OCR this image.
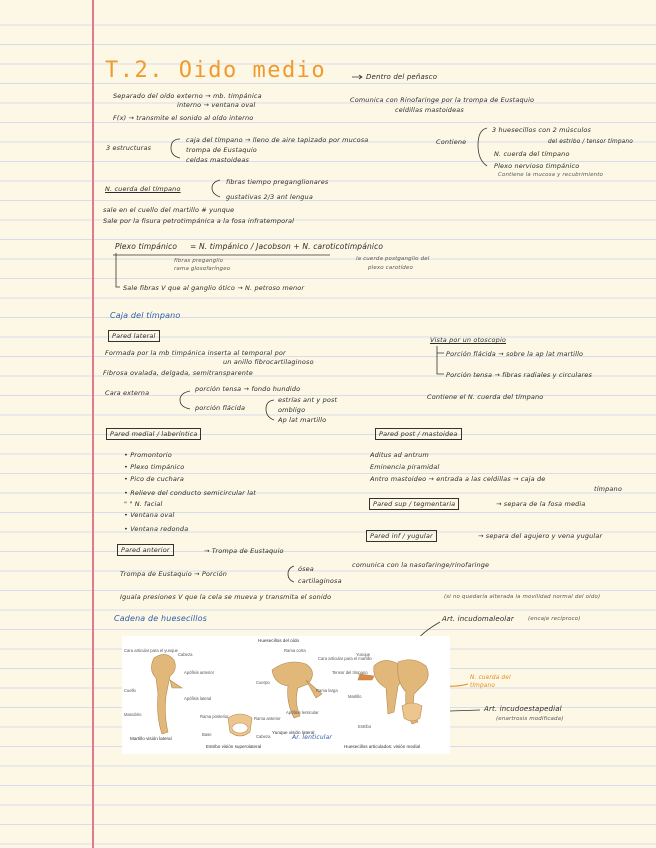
T.2. Oido medio	Dentro del peñasco
Separado del oído externo → mb. timpánica
interno → ventana oval
Comunica con Rinofaringe por la trompa de Eustaquio
celdillas mastoideas
F(x) → transmite el sonido al oído interno
3 estructuras
caja del tímpano → lleno de aire tapizado por mucosa
trompa de Eustaquio
celdas mastoideas
Contiene
3 huesecillos con 2 músculos
del estribo / tensor tímpano
N. cuerda del tímpano
Plexo nervioso timpánico
Contiene la mucosa y recubrimiento
N. cuerda del tímpano
fibras tiempo preganglionares
gustativas 2/3 ant lengua
sale en el cuello del martillo # yunque
Sale por la fisura petrotimpánica a la fosa infratemporal
Plexo timpánico = N. timpánico / Jacobson + N. caroticotimpánico
fibras preganglio
rama glosofaríngeo
la cuerda postganglio del
plexo carotídeo
Sale fibras V que al ganglio ótico → N. petroso menor
Caja del tímpano
Pared lateral
Formada por la mb timpánica inserta al temporal por
un anillo fibrocartilaginoso
Fibrosa ovalada, delgada, semitransparente
Cara externa	porción tensa → fondo hundido
porción flácida
estrías ant y post
ombligo
Ap lat martillo
Vista por un otoscopio
Porción flácida → sobre la ap lat martillo
Porción tensa → fibras radiales y circulares
Contiene el N. cuerda del tímpano
Pared medial / laberíntica
• Promontorio
• Plexo timpánico
• Pico de cuchara
• Relieve del conducto semicircular lat
" " N. facial
• Ventana oval
• Ventana redonda
Pared post / mastoidea
Aditus ad antrum
Eminencia piramidal
Antro mastoideo → entrada a las celdillas → caja de
tímpano
Pared sup / tegmentaria	→ separa de la fosa media
Pared inf / yugular	→ separa del agujero y vena yugular
Pared anterior	→ Trompa de Eustaquio
Trompa de Eustaquio → Porción
ósea
cartilaginosa
comunica con la nasofaringe/rinofaringe
Iguala presiones V que la cela se mueva y transmita el sonido	(si no quedaría alterada la movilidad normal del oído)
Cadena de huesecillos	Art. incudomaleolar	(encaje recíproco)
N. cuerda del tímpano
Art. incudoestapedial
(enartrosis modificada)
Huesecillos del oído
Cara articular para el yunque
Cabeza
Apófisis anterior
Cuello
Apófisis lateral
Manubrio
Rama corta
Cara articular para el martillo
Cuerpo
Rama larga
Apófisis lenticular
Rama posterior	Rama anterior
Base	Cabeza
Yunque
Martillo
Estribo
Tensor del tímpano
Martillo visión lateral
Estribo visión superolateral
Yunque visión lateral
Huesecillos articulados: visión medial
Ar. lenticular
